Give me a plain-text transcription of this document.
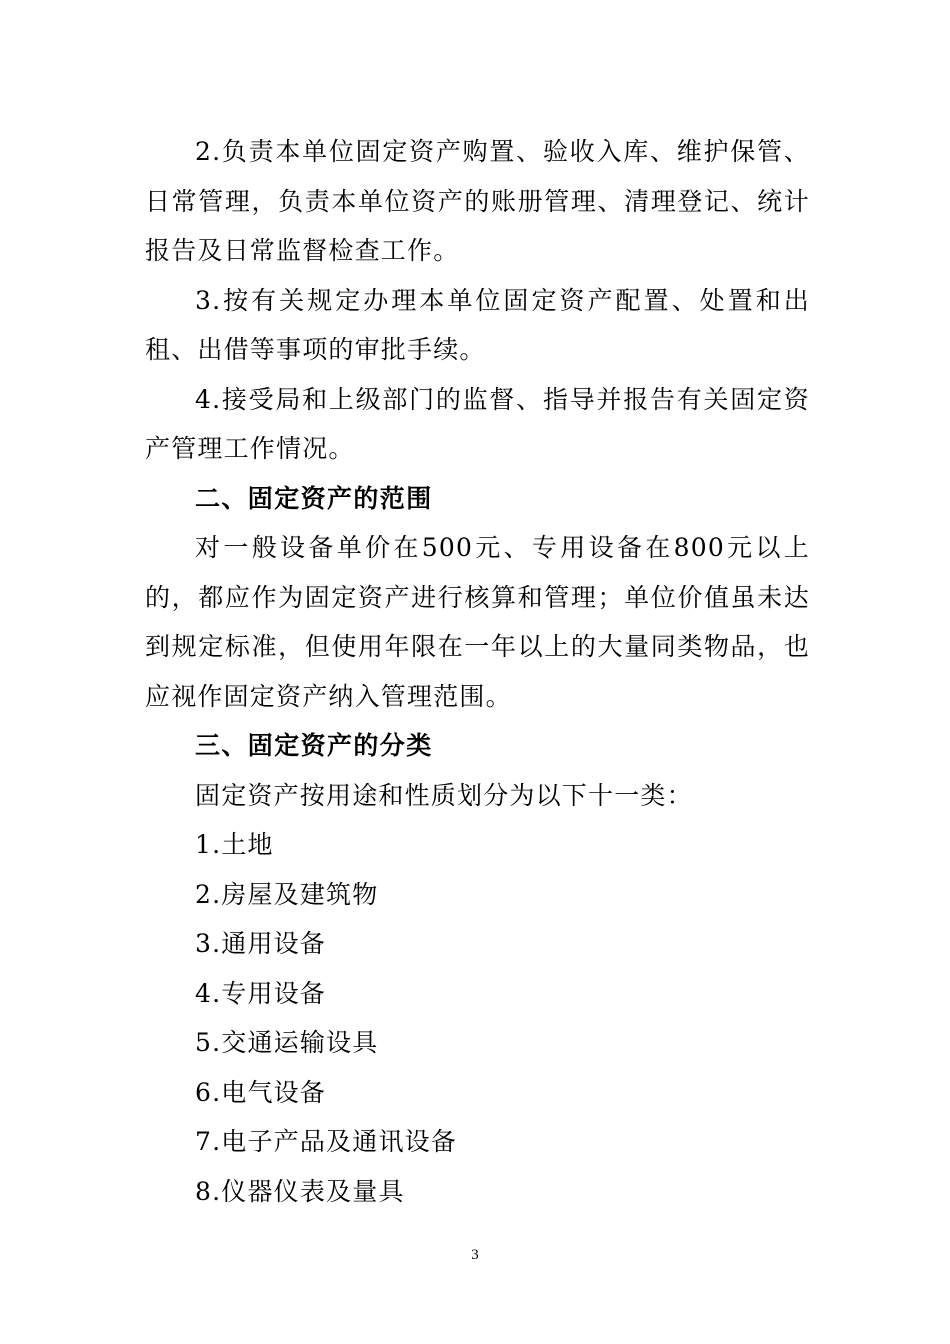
2.负责本单位固定资产购置、验收入库、维护保管、日常管理，负责本单位资产的账册管理、清理登记、统计报告及日常监督检查工作。

3.按有关规定办理本单位固定资产配置、处置和出租、出借等事项的审批手续。

4.接受局和上级部门的监督、指导并报告有关固定资产管理工作情况。

二、固定资产的范围

对一般设备单价在500元、专用设备在800元以上的，都应作为固定资产进行核算和管理；单位价值虽未达到规定标准，但使用年限在一年以上的大量同类物品，也应视作固定资产纳入管理范围。

三、固定资产的分类

固定资产按用途和性质划分为以下十一类：

1.土地

2.房屋及建筑物

3.通用设备

4.专用设备

5.交通运输设具

6.电气设备

7.电子产品及通讯设备

8.仪器仪表及量具

3
